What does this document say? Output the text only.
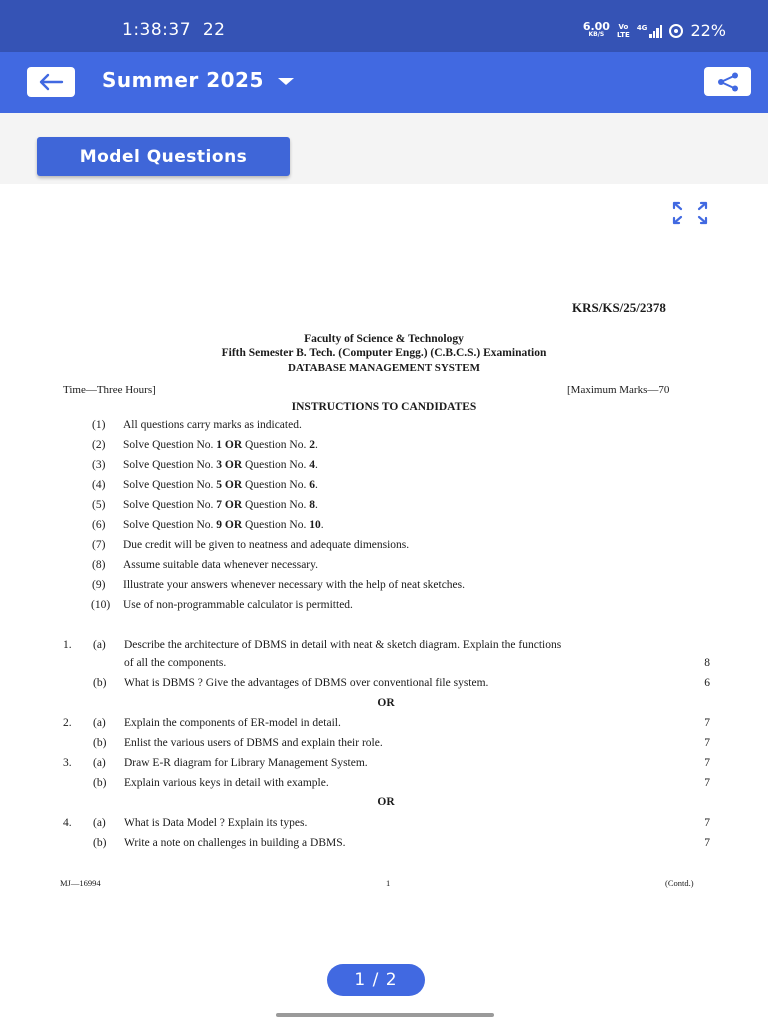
1:38:37 22	6.00
KB/S
Vo
LTE
4G	22%
Summer 2025
Model Questions
KRS/KS/25/2378
Faculty of Science & Technology
Fifth Semester B. Tech. (Computer Engg.) (C.B.C.S.) Examination
DATABASE MANAGEMENT SYSTEM
Time—Three Hours]	[Maximum Marks—70
INSTRUCTIONS TO CANDIDATES
(1) All questions carry marks as indicated.
(2) Solve Question No. 1 OR Question No. 2.
(3) Solve Question No. 3 OR Question No. 4.
(4) Solve Question No. 5 OR Question No. 6.
(5) Solve Question No. 7 OR Question No. 8.
(6) Solve Question No. 9 OR Question No. 10.
(7) Due credit will be given to neatness and adequate dimensions.
(8) Assume suitable data whenever necessary.
(9) Illustrate your answers whenever necessary with the help of neat sketches.
(10) Use of non-programmable calculator is permitted.
1. (a) Describe the architecture of DBMS in detail with neat & sketch diagram. Explain the functions
of all the components.	8
(b) What is DBMS ? Give the advantages of DBMS over conventional file system.	6
OR
2. (a) Explain the components of ER-model in detail.	7
(b) Enlist the various users of DBMS and explain their role.	7
3. (a) Draw E-R diagram for Library Management System.	7
(b) Explain various keys in detail with example.	7
OR
4. (a) What is Data Model ? Explain its types.	7
(b) Write a note on challenges in building a DBMS.	7
MJ—16994	1	(Contd.)
1 / 2
